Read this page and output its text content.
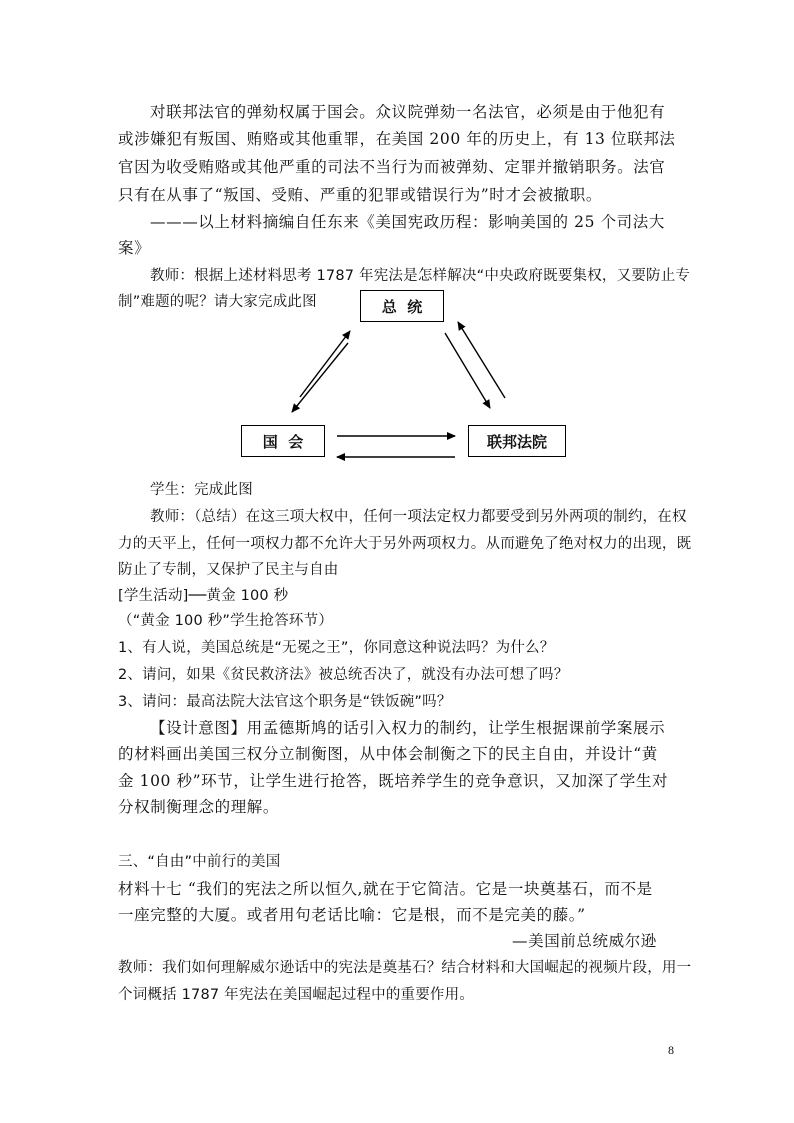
对联邦法官的弹劾权属于国会。众议院弹劾一名法官，必须是由于他犯有
或涉嫌犯有叛国、贿赂或其他重罪，在美国 200 年的历史上，有 13 位联邦法
官因为收受贿赂或其他严重的司法不当行为而被弹劾、定罪并撤销职务。法官
只有在从事了“叛国、受贿、严重的犯罪或错误行为”时才会被撤职。
———以上材料摘编自任东来《美国宪政历程：影响美国的 25 个司法大
案》
教师：根据上述材料思考 1787 年宪法是怎样解决“中央政府既要集权，又要防止专
制”难题的呢？请大家完成此图	总  统
国  会	联邦法院
学生：完成此图
教师：（总结）在这三项大权中，任何一项法定权力都要受到另外两项的制约，在权
力的天平上，任何一项权力都不允许大于另外两项权力。从而避免了绝对权力的出现，既
防止了专制，又保护了民主与自由
[学生活动]──黄金 100 秒
（“黄金 100 秒”学生抢答环节）
1、有人说，美国总统是“无冕之王”，你同意这种说法吗？为什么？
2、请问，如果《贫民救济法》被总统否决了，就没有办法可想了吗？
3、请问：最高法院大法官这个职务是“铁饭碗”吗？
【设计意图】用孟德斯鸠的话引入权力的制约，让学生根据课前学案展示
的材料画出美国三权分立制衡图，从中体会制衡之下的民主自由，并设计“黄
金 100 秒”环节，让学生进行抢答，既培养学生的竞争意识，又加深了学生对
分权制衡理念的理解。
三、“自由”中前行的美国
材料十七 “我们的宪法之所以恒久,就在于它简洁。它是一块奠基石，而不是
一座完整的大厦。或者用句老话比喻：它是根，而不是完美的藤。”
—美国前总统威尔逊
教师：我们如何理解威尔逊话中的宪法是奠基石？结合材料和大国崛起的视频片段，用一
个词概括 1787 年宪法在美国崛起过程中的重要作用。
8
